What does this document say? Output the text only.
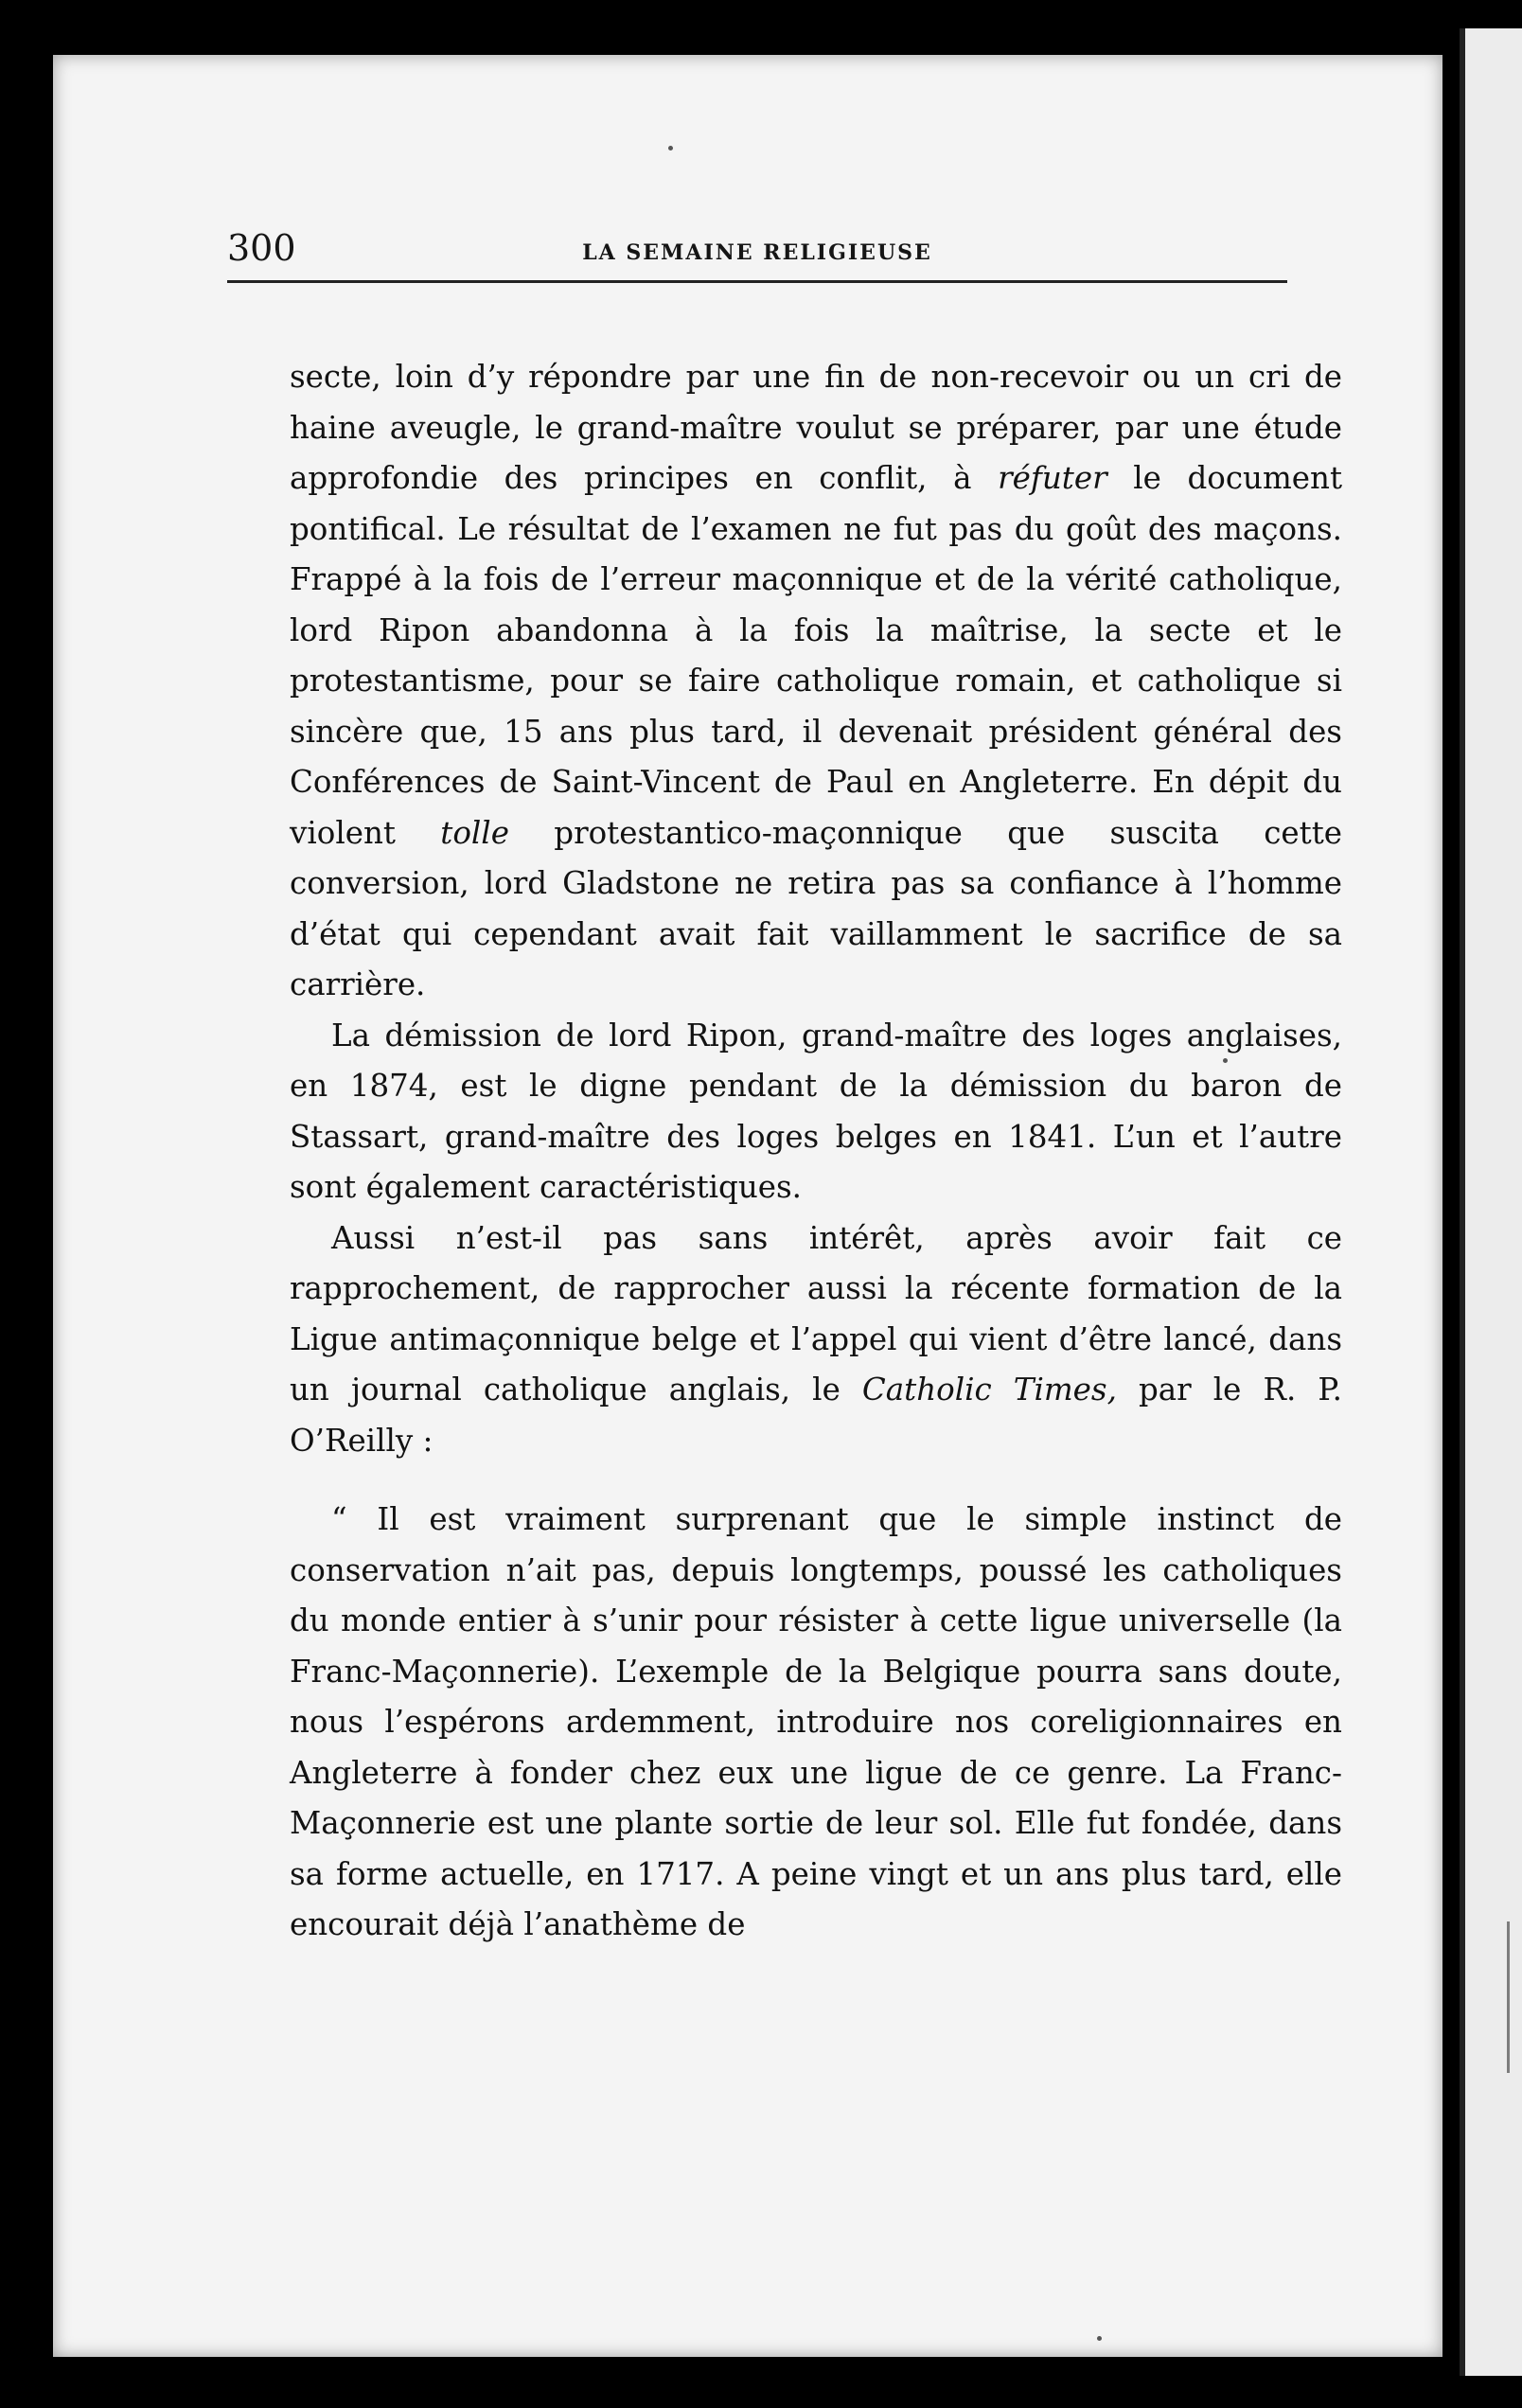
300	LA SEMAINE RELIGIEUSE

secte, loin d’y répondre par une fin de non-recevoir ou un cri de haine aveugle, le grand-maître voulut se préparer, par une étude approfondie des principes en conflit, à réfuter le document pontifical. Le résultat de l’examen ne fut pas du goût des maçons. Frappé à la fois de l’erreur maçonnique et de la vérité catholique, lord Ripon abandonna à la fois la maîtrise, la secte et le protestantisme, pour se faire catholique romain, et catholique si sincère que, 15 ans plus tard, il devenait président général des Conférences de Saint-Vincent de Paul en Angleterre. En dépit du violent tolle protestantico-maçonnique que suscita cette conversion, lord Gladstone ne retira pas sa confiance à l’homme d’état qui cependant avait fait vaillamment le sacrifice de sa carrière.

La démission de lord Ripon, grand-maître des loges anglaises, en 1874, est le digne pendant de la démission du baron de Stassart, grand-maître des loges belges en 1841. L’un et l’autre sont également caractéristiques.

Aussi n’est-il pas sans intérêt, après avoir fait ce rapprochement, de rapprocher aussi la récente formation de la Ligue antimaçonnique belge et l’appel qui vient d’être lancé, dans un journal catholique anglais, le Catholic Times, par le R. P. O’Reilly :

“ Il est vraiment surprenant que le simple instinct de conservation n’ait pas, depuis longtemps, poussé les catholiques du monde entier à s’unir pour résister à cette ligue universelle (la Franc-Maçonnerie). L’exemple de la Belgique pourra sans doute, nous l’espérons ardemment, introduire nos coreligionnaires en Angleterre à fonder chez eux une ligue de ce genre. La Franc-Maçonnerie est une plante sortie de leur sol. Elle fut fondée, dans sa forme actuelle, en 1717. A peine vingt et un ans plus tard, elle encourait déjà l’anathème de
